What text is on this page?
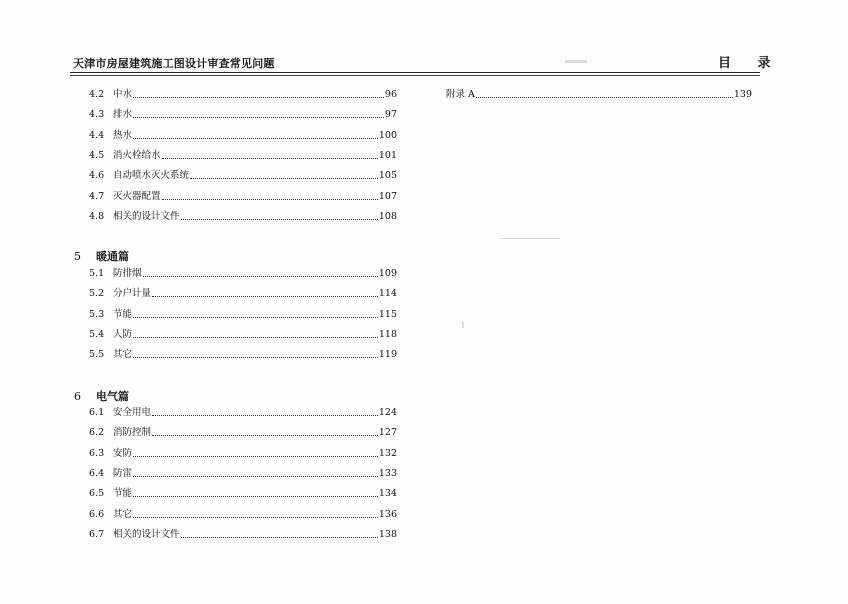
天津市房屋建筑施工图设计审查常见问题	目 录
5 暖通篇
6 电气篇
附录 A	139
4.2 中水	96
4.3 排水	97
4.4 热水	100
4.5 消火栓给水	101
4.6 自动喷水灭火系统	105
4.7 灭火器配置	107
4.8 相关的设计文件	108
5.1 防排烟	109
5.2 分户计量	114
5.3 节能	115
5.4 人防	118
5.5 其它	119
6.1 安全用电	124
6.2 消防控制	127
6.3 安防	132
6.4 防雷	133
6.5 节能	134
6.6 其它	136
6.7 相关的设计文件	138
